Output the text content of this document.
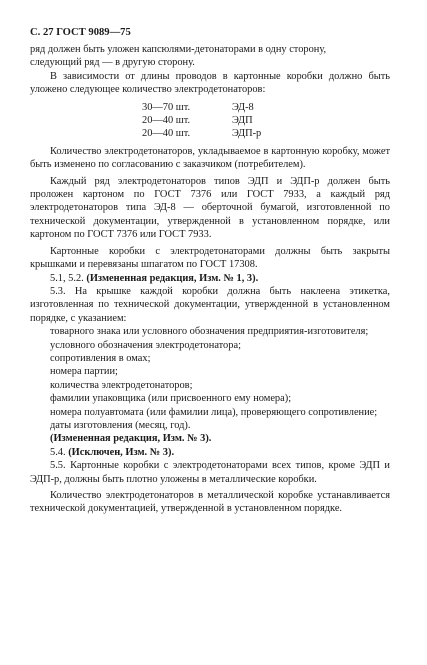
С. 27 ГОСТ 9089—75

ряд должен быть уложен капсюлями-детонаторами в одну сторону,

следующий ряд — в другую сторону.

В зависимости от длины проводов в картонные коробки должно быть уложено следующее количество электродетонаторов:

30—70 шт.	ЭД-8
20—40 шт.	ЭДП
20—40 шт.	ЭДП-р

Количество электродетонаторов, укладываемое в картонную коробку, может быть изменено по согласованию с заказчиком (потребителем).

Каждый ряд электродетонаторов типов ЭДП и ЭДП-р должен быть проложен картоном по ГОСТ 7376 или ГОСТ 7933, а каждый ряд электродетонаторов типа ЭД-8 — оберточной бумагой, изготовленной по технической документации, утвержденной в установленном порядке, или картоном по ГОСТ 7376 или ГОСТ 7933.

Картонные коробки с электродетонаторами должны быть закрыты крышками и перевязаны шпагатом по ГОСТ 17308.

5.1, 5.2. (Измененная редакция, Изм. № 1, 3).

5.3. На крышке каждой коробки должна быть наклеена этикетка, изготовленная по технической документации, утвержденной в установленном порядке, с указанием:

товарного знака или условного обозначения предприятия-изготовителя;

условного обозначения электродетонатора;

сопротивления в омах;

номера партии;

количества электродетонаторов;

фамилии упаковщика (или присвоенного ему номера);

номера полуавтомата (или фамилии лица), проверяющего сопротивление;

даты изготовления (месяц, год).

(Измененная редакция, Изм. № 3).

5.4. (Исключен, Изм. № 3).

5.5. Картонные коробки с электродетонаторами всех типов, кроме ЭДП и ЭДП-р, должны быть плотно уложены в металлические коробки.

Количество электродетонаторов в металлической коробке устанавливается технической документацией, утвержденной в установленном порядке.
